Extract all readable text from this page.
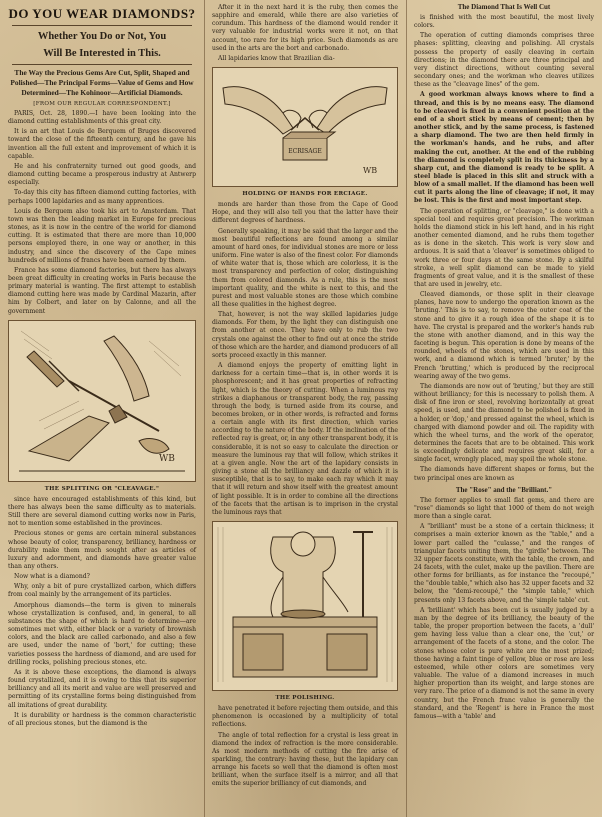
DO YOU WEAR DIAMONDS?
Whether You Do or Not, You
Will Be Interested in This.
The Way the Precious Gems Are Cut, Split, Shaped and Polished—The Principal Forms—Value of Gems and How Determined—The Kohinoor—Artificial Diamonds.
[FROM OUR REGULAR CORRESPONDENT.]

PARIS, Oct. 28, 1890.—I have been looking into the diamond cutting establishments of this great city.

It is an art that Louis de Berquem of Bruges discovered toward the close of the fifteenth century, and he gave his invention all the full extent and improvement of which it is capable.

He and his confraternity turned out good goods, and diamond cutting became a prosperous industry at Antwerp especially.

To-day this city has fifteen diamond cutting factories, with perhaps 1000 lapidaries and as many apprentices.

Louis de Berquem also took his art to Amsterdam. That town was then the leading market in Europe for precious stones, as it is now in the centre of the world for diamond cutting. It is estimated that there are more than 10,000 persons employed there, in one way or another, in this industry, and since the discovery of the Cape mines hundreds of millions of francs have been earned by them.

France has some diamond factories, but there has always been great difficulty in creating works in Paris because the primary material is wanting. The first attempt to establish diamond cutting here was made by Cardinal Mazarin, after him by Colbert, and later on by Calonne, and all the government

WB
THE SPLITTING OR "CLEAVAGE."

since have encouraged establishments of this kind, but there has always been the same difficulty as to materials. Still there are several diamond cutting works now in Paris, not to mention some established in the provinces.

Precious stones or gems are certain mineral substances whose beauty of color, transparency, brilliancy, hardness or durability make them much sought after as articles of luxury and adornment, and diamonds have greater value than any others.

Now what is a diamond?

Why, only a bit of pure crystallized carbon, which differs from coal mainly by the arrangement of its particles.

Amorphous diamonds—the term is given to minerals whose crystallization is confused, and, in general, to all substances the shape of which is hard to determine—are sometimes met with, either black or a variety of brownish colors, and the black are called carbonado, and also a few are used, under the name of 'bort,' for cutting; these varieties possess the hardness of diamond, and are used for drilling rocks, polishing precious stones, etc.

As it is above these exceptions, the diamond is always found crystallized, and it is owing to this that its superior brilliancy and all its merit and value are well preserved and permitting of its crystalline forms being distinguished from all imitations of great durability.

It is durability or hardness is the common characteristic of all precious stones, but the diamond is the

After it in the next hard it is the ruby, then comes the sapphire and emerald, while there are also varieties of corundum. This hardness of the diamond would render it very valuable for industrial works were it not, on that account, too rare for its high price. Such diamonds as are used in the arts are the bort and carbonado.

All lapidaries know that Brazilian dia-

ECRISAGE
WB
HOLDING OF HANDS FOR ERCIAGE.

monds are harder than those from the Cape of Good Hope, and they will also tell you that the latter have their different degrees of hardness.

Generally speaking, it may be said that the larger and the most beautiful reflections are found among a similar amount of hard ones, for individual stones are more or less uniform. Fine water is also of the finest color. For diamonds of white water that is, those which are colorless, it is the most transparency and perfection of color, distinguishing them from colored diamonds. As a rule, this is the most important quality, and the white is next to this, and the purest and most valuable stones are those which combine all these qualities in the highest degree.

That, however, is not the way skilled lapidaries judge diamonds. For them, by the light they can distinguish one from another at once. They have only to rub the two crystals one against the other to find out at once the stride of those which are the harder, and diamond producers of all sorts proceed exactly in this manner.

A diamond enjoys the property of emitting light in darkness for a certain time—that is, in other words it is phosphorescent; and it has great properties of refracting light, which is the theory of cutting. When a luminous ray strikes a diaphanous or transparent body, the ray, passing through the body, is turned aside from its course, and becomes broken, or in other words, is refracted and forms a certain angle with its first direction, which varies according to the nature of the body. If the inclination of the reflected ray is great, or, in any other transparent body, it is considerable, it is not so easy to calculate the direction or measure the luminous ray that will follow, which strikes it at a given angle. Now the art of the lapidary consists in giving a stone all the brilliancy and dazzle of which it is susceptible, that is to say, to make each ray which it may that it will return and show itself with the greatest amount of light possible. It is in order to combine all the directions of the facets that the artisan is to imprison in the crystal the luminous rays that

THE POLISHING.

have penetrated it before rejecting them outside, and this phenomenon is occasioned by a multiplicity of total reflections.

The angle of total reflection for a crystal is less great in diamond the index of refraction is the more considerable. As most modern methods of cutting the fire arise of sparkling, the contrary: having these, but the lapidary can arrange his facets so well that the diamond is often most brilliant, when the surface itself is a mirror, and all that emits the superior brilliancy of cut diamonds, and

The Diamond That Is Well Cut

is finished with the most beautiful, the most lively colors.

The operation of cutting diamonds comprises three phases: splitting, cleaving and polishing. All crystals possess the property of easily cleaving in certain directions; in the diamond there are three principal and very distinct directions, without counting several secondary ones; and the workman who cleaves utilizes these as the "cleavage lines" of the gem.

A good workman always knows where to find a thread, and this is by no means easy. The diamond to be cleaved is fixed in a convenient position at the end of a short stick by means of cement; then by another stick, and by the same process, is fastened a sharp diamond. The two are then held firmly in the workman's hands, and he rubs, and after making the cut, another. At the end of the rubbing the diamond is completely split in its thickness by a sharp cut, and the diamond is ready to be split. A steel blade is placed in this slit and struck with a blow of a small mallet. If the diamond has been well cut it parts along the line of cleavage; if not, it may be lost. This is the first and most important step.

The operation of splitting, or "cleavage," is done with a special tool and requires great precision. The workman holds the diamond stick in his left hand, and in his right another cemented diamond, and he rubs them together as is done in the sketch. This work is very slow and arduous. It is said that a 'cleaver' is sometimes obliged to work three or four days at the same stone. By a skilful stroke, a well split diamond can be made to yield fragments of great value, and it is the smallest of these that are used in jewelry, etc.

Cleaved diamonds, or those split in their cleavage planes, have now to undergo the operation known as the 'bruting.' This is to say, to remove the outer coat of the stone and to give it a rough idea of the shape it is to have. The crystal is prepared and the worker's hands rub the stone with another diamond, and in this way the faceting is begun. This operation is done by means of the rounded, wheels of the stones, which are used in this work, and a diamond which is termed 'bruter,' by the French 'brutting,' which is produced by the reciprocal wearing away of the two gems.

The diamonds are now out of 'bruting,' but they are still without brilliancy; for this is necessary to polish them. A disk of fine iron or steel, revolving horizontally at great speed, is used, and the diamond to be polished is fixed in a holder, or 'dop,' and pressed against the wheel, which is charged with diamond powder and oil. The rapidity with which the wheel turns, and the work of the operator, determines the facets that are to be obtained. This work is exceedingly delicate and requires great skill, for a single facet, wrongly placed, may spoil the whole stone.

The diamonds have different shapes or forms, but the two principal ones are known as

The "Rose" and the "Brilliant."

The former applies to small flat gems, and there are "rose" diamonds so light that 1000 of them do not weigh more than a single carat.

A "brilliant" must be a stone of a certain thickness; it comprises a main exterior known as the "table," and a lower part called the "culasse," and the ranges of triangular facets uniting them, the "girdle" between. The 32 upper facets constitute, with the table, the crown, and 24 facets, with the culet, make up the pavilion. There are other forms for brilliants, as for instance the "recoupé," the "double table," which also has 32 upper facets and 32 below, the "demi-recoupé," the "simple table," which presents only 13 facets above, and the 'simple table' cut.

A 'brilliant' which has been cut is usually judged by a man by the degree of its brilliancy, the beauty of the table, the proper proportion between the facets, a 'dull' gem having less value than a clear one, the 'cut,' or arrangement of the facets of a stone, and the color. The stones whose color is pure white are the most prized; those having a faint tinge of yellow, blue or rose are less esteemed, while other colors are sometimes very valuable. The value of a diamond increases in much higher proportion than its weight, and large stones are very rare. The price of a diamond is not the same in every country, but the French franc value is generally the standard, and the 'Regent' is here in France the most famous—with a 'table' and
